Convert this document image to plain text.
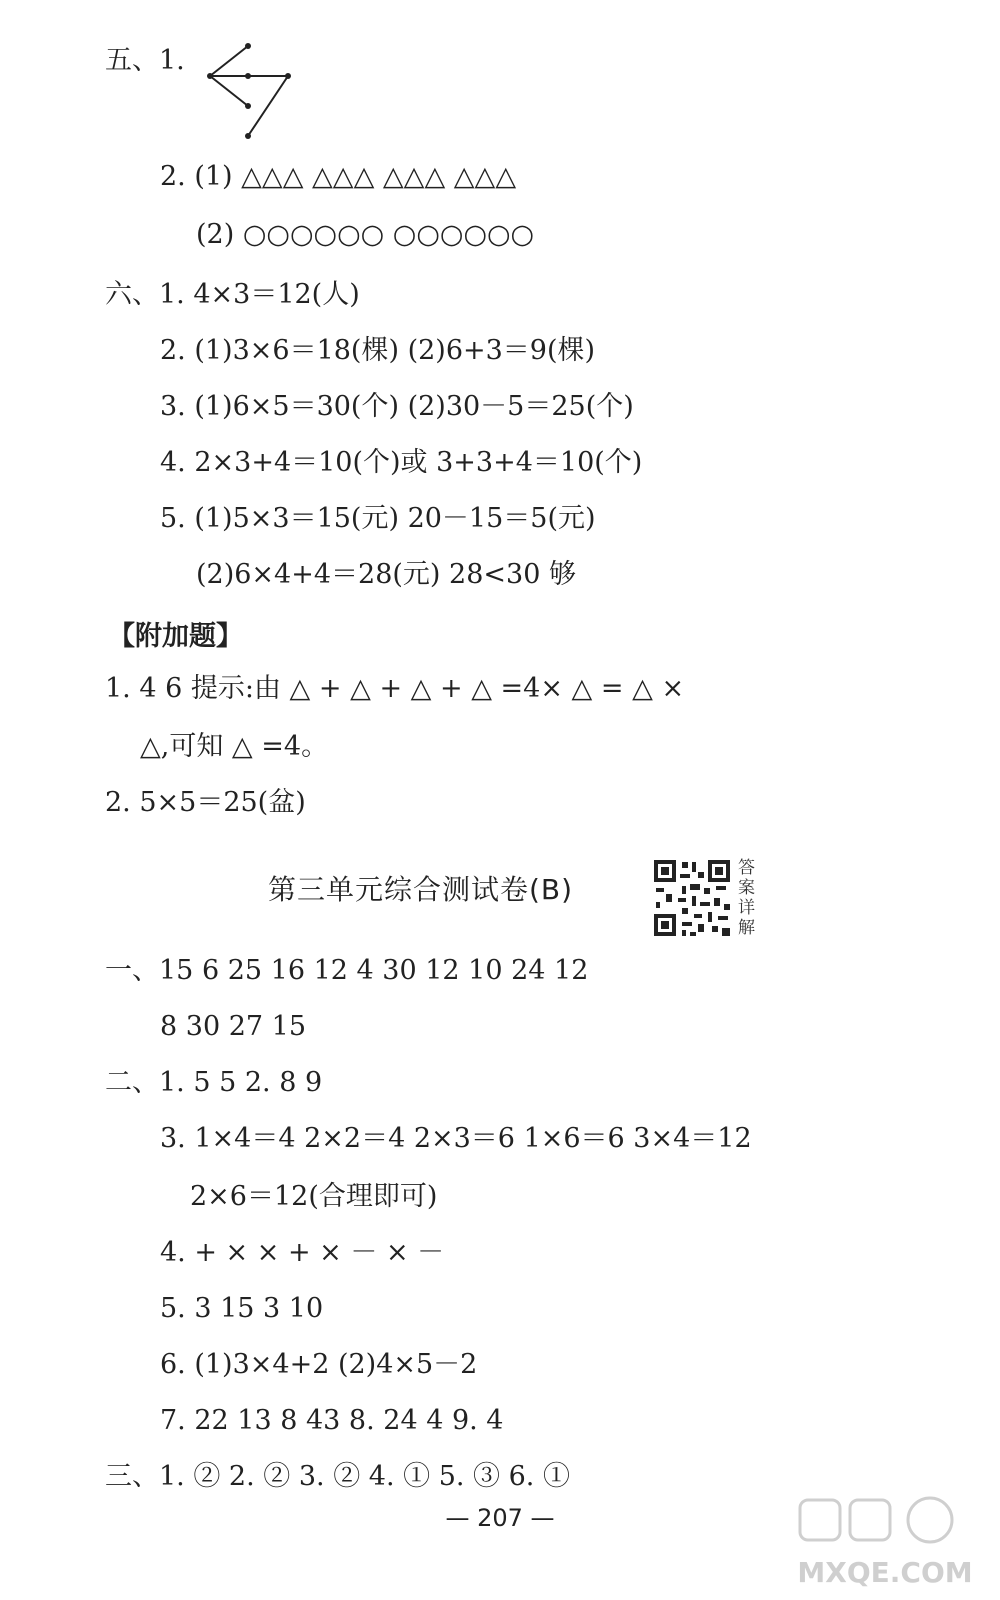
五、1.
2. (1) △△△ △△△ △△△ △△△
(2) ○○○○○○ ○○○○○○
六、1. 4×3＝12(人)
2. (1)3×6＝18(棵) (2)6+3＝9(棵)
3. (1)6×5＝30(个) (2)30－5＝25(个)
4. 2×3+4＝10(个)或 3+3+4＝10(个)
5. (1)5×3＝15(元) 20－15＝5(元)
(2)6×4+4＝28(元) 28<30 够
【附加题】
1. 4 6 提示:由 △ + △ + △ + △ =4× △ = △ ×
△,可知 △ =4。
2. 5×5＝25(盆)
第三单元综合测试卷(B)
答案详解
一、15 6 25 16 12 4 30 12 10 24 12
8 30 27 15
二、1. 5 5 2. 8 9
3. 1×4＝4 2×2＝4 2×3＝6 1×6＝6 3×4＝12
2×6＝12(合理即可)
4. + × × + × － × －
5. 3 15 3 10
6. (1)3×4+2 (2)4×5－2
7. 22 13 8 43 8. 24 4 9. 4
三、1. ② 2. ② 3. ② 4. ① 5. ③ 6. ①
— 207 —
MXQE.COM
